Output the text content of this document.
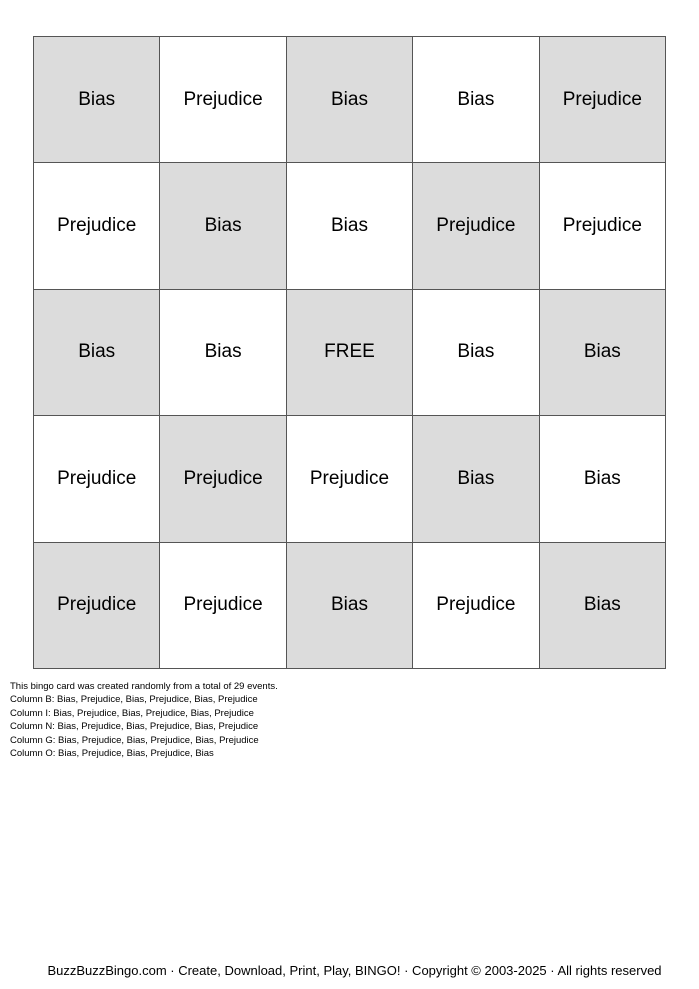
Bias	Prejudice	Bias	Bias	Prejudice
Prejudice	Bias	Bias	Prejudice	Prejudice
Bias	Bias	FREE	Bias	Bias
Prejudice	Prejudice	Prejudice	Bias	Bias
Prejudice	Prejudice	Bias	Prejudice	Bias
This bingo card was created randomly from a total of 29 events.
Column B: Bias, Prejudice, Bias, Prejudice, Bias, Prejudice
Column I: Bias, Prejudice, Bias, Prejudice, Bias, Prejudice
Column N: Bias, Prejudice, Bias, Prejudice, Bias, Prejudice
Column G: Bias, Prejudice, Bias, Prejudice, Bias, Prejudice
Column O: Bias, Prejudice, Bias, Prejudice, Bias
BuzzBuzzBingo.com · Create, Download, Print, Play, BINGO! · Copyright © 2003-2025 · All rights reserved
